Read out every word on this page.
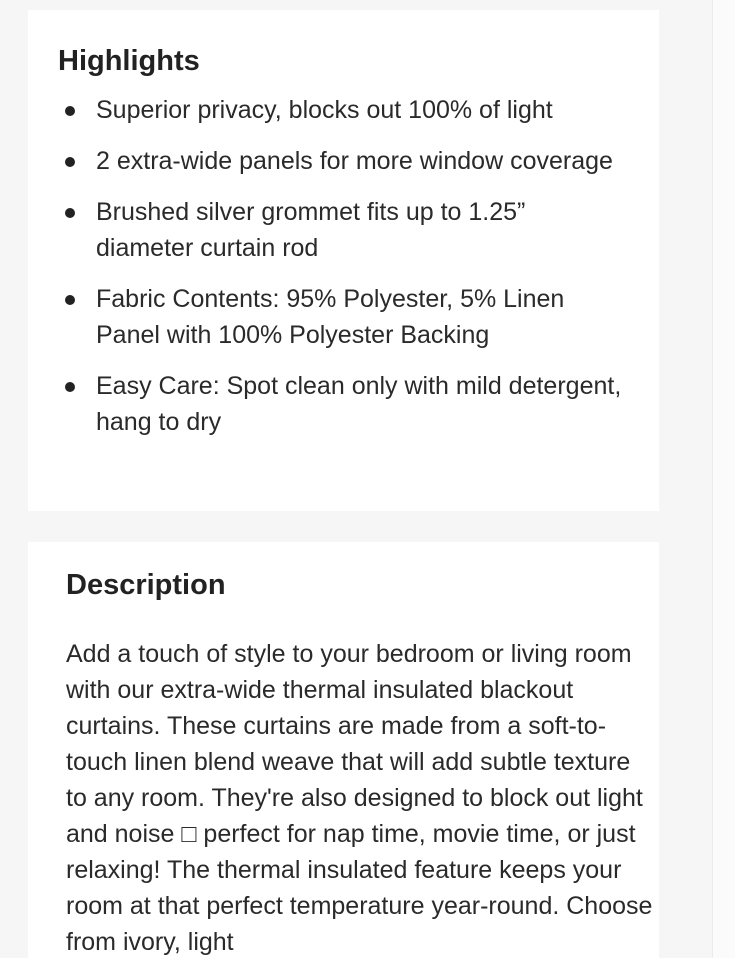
Highlights
Superior privacy, blocks out 100% of light
2 extra-wide panels for more window coverage
Brushed silver grommet fits up to 1.25” diameter curtain rod
Fabric Contents: 95% Polyester, 5% Linen Panel with 100% Polyester Backing
Easy Care: Spot clean only with mild detergent, hang to dry
Description

Add a touch of style to your bedroom or living room with our extra-wide thermal insulated blackout curtains. These curtains are made from a soft-to-touch linen blend weave that will add subtle texture to any room. They're also designed to block out light and noise □ perfect for nap time, movie time, or just relaxing! The thermal insulated feature keeps your room at that perfect temperature year-round. Choose from ivory, light
